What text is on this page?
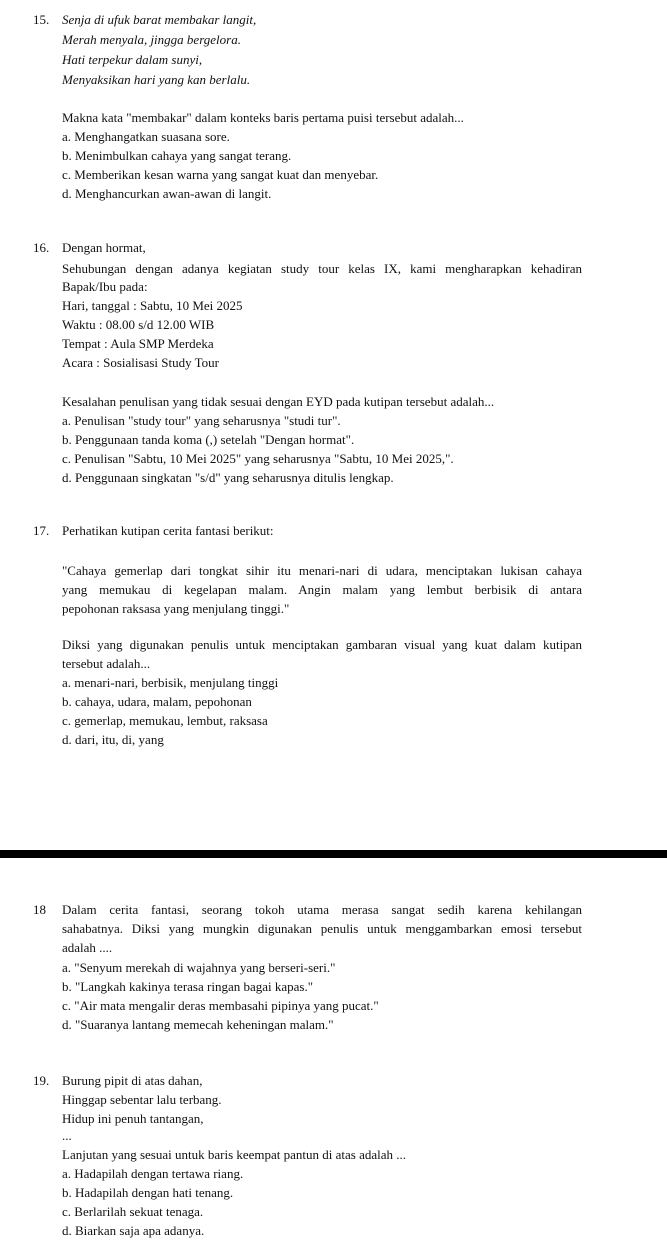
15. Senja di ufuk barat membakar langit,
Merah menyala, jingga bergelora.
Hati terpekur dalam sunyi,
Menyaksikan hari yang kan berlalu.
Makna kata "membakar" dalam konteks baris pertama puisi tersebut adalah...
a. Menghangatkan suasana sore.
b. Menimbulkan cahaya yang sangat terang.
c. Memberikan kesan warna yang sangat kuat dan menyebar.
d. Menghancurkan awan-awan di langit.
16. Dengan hormat,
Sehubungan dengan adanya kegiatan study tour kelas IX, kami mengharapkan kehadiran
Bapak/Ibu pada:
Hari, tanggal : Sabtu, 10 Mei 2025
Waktu : 08.00 s/d 12.00 WIB
Tempat : Aula SMP Merdeka
Acara : Sosialisasi Study Tour
Kesalahan penulisan yang tidak sesuai dengan EYD pada kutipan tersebut adalah...
a. Penulisan "study tour" yang seharusnya "studi tur".
b. Penggunaan tanda koma (,) setelah "Dengan hormat".
c. Penulisan "Sabtu, 10 Mei 2025" yang seharusnya "Sabtu, 10 Mei 2025,".
d. Penggunaan singkatan "s/d" yang seharusnya ditulis lengkap.
17. Perhatikan kutipan cerita fantasi berikut:
"Cahaya gemerlap dari tongkat sihir itu menari-nari di udara, menciptakan lukisan cahaya
yang memukau di kegelapan malam. Angin malam yang lembut berbisik di antara
pepohonan raksasa yang menjulang tinggi."
Diksi yang digunakan penulis untuk menciptakan gambaran visual yang kuat dalam kutipan
tersebut adalah...
a. menari-nari, berbisik, menjulang tinggi
b. cahaya, udara, malam, pepohonan
c. gemerlap, memukau, lembut, raksasa
d. dari, itu, di, yang
18 Dalam cerita fantasi, seorang tokoh utama merasa sangat sedih karena kehilangan
sahabatnya. Diksi yang mungkin digunakan penulis untuk menggambarkan emosi tersebut
adalah ....
a. "Senyum merekah di wajahnya yang berseri-seri."
b. "Langkah kakinya terasa ringan bagai kapas."
c. "Air mata mengalir deras membasahi pipinya yang pucat."
d. "Suaranya lantang memecah keheningan malam."
19. Burung pipit di atas dahan,
Hinggap sebentar lalu terbang.
Hidup ini penuh tantangan,
...
Lanjutan yang sesuai untuk baris keempat pantun di atas adalah ...
a. Hadapilah dengan tertawa riang.
b. Hadapilah dengan hati tenang.
c. Berlarilah sekuat tenaga.
d. Biarkan saja apa adanya.
